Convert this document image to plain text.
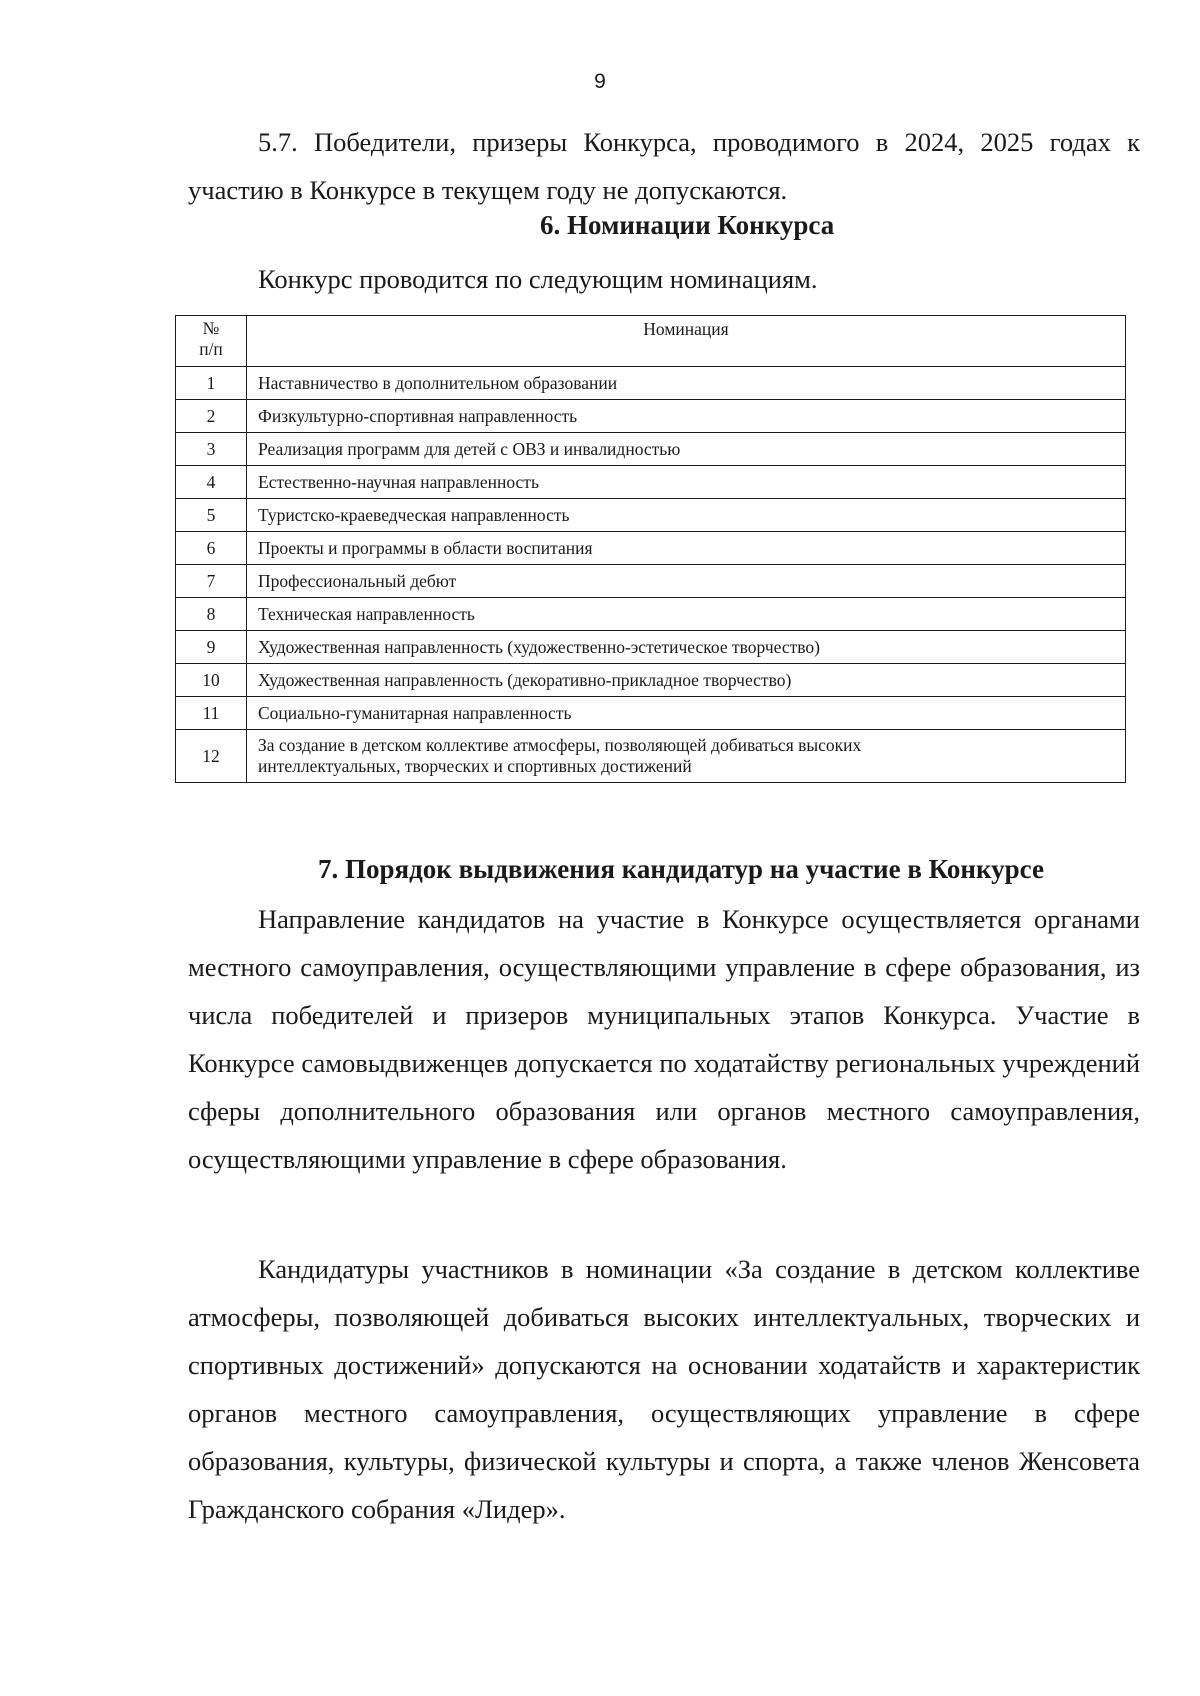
9

5.7. Победители, призеры Конкурса, проводимого в 2024, 2025 годах к участию в Конкурсе в текущем году не допускаются.

6. Номинации Конкурса
Конкурс проводится по следующим номинациям.
№
п/п	Номинация
1	Наставничество в дополнительном образовании
2	Физкультурно-спортивная направленность
3	Реализация программ для детей с ОВЗ и инвалидностью
4	Естественно-научная направленность
5	Туристско-краеведческая направленность
6	Проекты и программы в области воспитания
7	Профессиональный дебют
8	Техническая направленность
9	Художественная направленность (художественно-эстетическое творчество)
10	Художественная направленность (декоративно-прикладное творчество)
11	Социально-гуманитарная направленность
12	За создание в детском коллективе атмосферы, позволяющей добиваться высоких
интеллектуальных, творческих и спортивных достижений
7. Порядок выдвижения кандидатур на участие в Конкурсе

Направление кандидатов на участие в Конкурсе осуществляется органами местного самоуправления, осуществляющими управление в сфере образования, из числа победителей и призеров муниципальных этапов Конкурса. Участие в Конкурсе самовыдвиженцев допускается по ходатайству региональных учреждений сферы дополнительного образования или органов местного самоуправления, осуществляющими управление в сфере образования.

Кандидатуры участников в номинации «За создание в детском коллективе атмосферы, позволяющей добиваться высоких интеллектуальных, творческих и спортивных достижений» допускаются на основании ходатайств и характеристик органов местного самоуправления, осуществляющих управление в сфере образования, культуры, физической культуры и спорта, а также членов Женсовета Гражданского собрания «Лидер».
